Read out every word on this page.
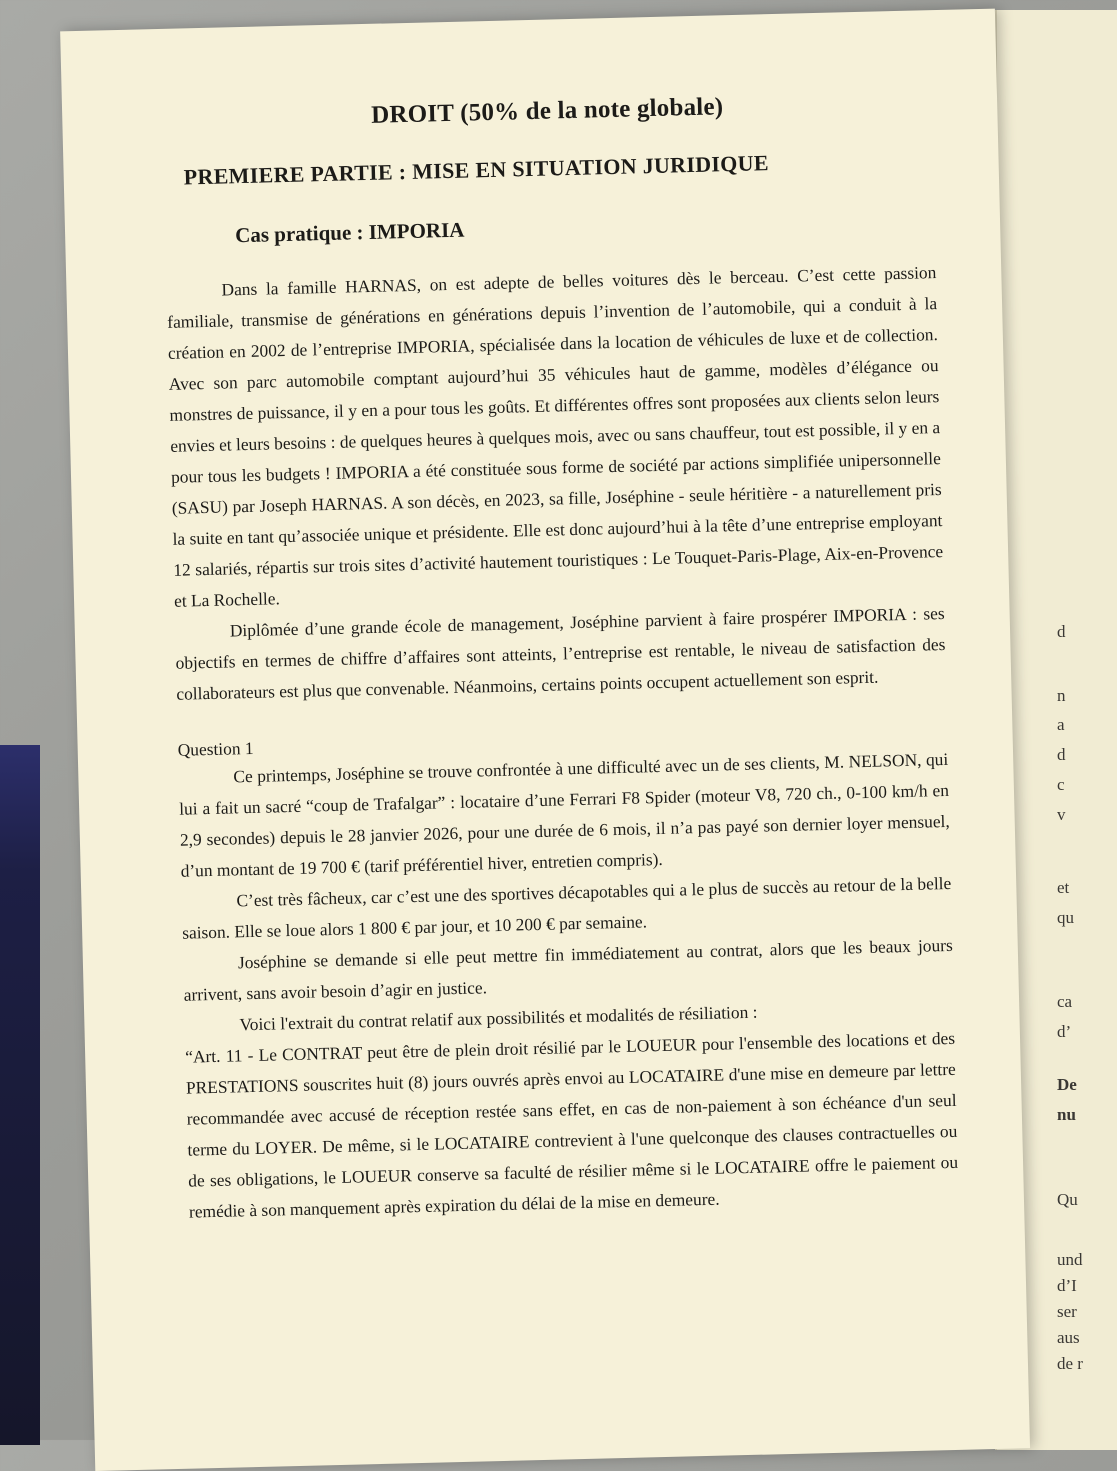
d
n
a
d
c
v
et
qu
ca
d’
De
nu
Qu
und
d’I
ser
aus
de r
DROIT (50% de la note globale)
PREMIERE PARTIE : MISE EN SITUATION JURIDIQUE
Cas pratique : IMPORIA

Dans la famille HARNAS, on est adepte de belles voitures dès le berceau. C’est cette passion familiale, transmise de générations en générations depuis l’invention de l’automobile, qui a conduit à la création en 2002 de l’entreprise IMPORIA, spécialisée dans la location de véhicules de luxe et de collection. Avec son parc automobile comptant aujourd’hui 35 véhicules haut de gamme, modèles d’élégance ou monstres de puissance, il y en a pour tous les goûts. Et différentes offres sont proposées aux clients selon leurs envies et leurs besoins : de quelques heures à quelques mois, avec ou sans chauffeur, tout est possible, il y en a pour tous les budgets ! IMPORIA a été constituée sous forme de société par actions simplifiée unipersonnelle (SASU) par Joseph HARNAS. A son décès, en 2023, sa fille, Joséphine - seule héritière - a naturellement pris la suite en tant qu’associée unique et présidente. Elle est donc aujourd’hui à la tête d’une entreprise employant 12 salariés, répartis sur trois sites d’activité hautement touristiques : Le Touquet-Paris-Plage, Aix-en-Provence et La Rochelle.

Diplômée d’une grande école de management, Joséphine parvient à faire prospérer IMPORIA : ses objectifs en termes de chiffre d’affaires sont atteints, l’entreprise est rentable, le niveau de satisfaction des collaborateurs est plus que convenable. Néanmoins, certains points occupent actuellement son esprit.

Question 1

Ce printemps, Joséphine se trouve confrontée à une difficulté avec un de ses clients, M. NELSON, qui lui a fait un sacré “coup de Trafalgar” : locataire d’une Ferrari F8 Spider (moteur V8, 720 ch., 0-100 km/h en 2,9 secondes) depuis le 28 janvier 2026, pour une durée de 6 mois, il n’a pas payé son dernier loyer mensuel, d’un montant de 19 700 € (tarif préférentiel hiver, entretien compris).

C’est très fâcheux, car c’est une des sportives décapotables qui a le plus de succès au retour de la belle saison. Elle se loue alors 1 800 € par jour, et 10 200 € par semaine.

Joséphine se demande si elle peut mettre fin immédiatement au contrat, alors que les beaux jours arrivent, sans avoir besoin d’agir en justice.

Voici l'extrait du contrat relatif aux possibilités et modalités de résiliation :

“Art. 11 - Le CONTRAT peut être de plein droit résilié par le LOUEUR pour l'ensemble des locations et des PRESTATIONS souscrites huit (8) jours ouvrés après envoi au LOCATAIRE d'une mise en demeure par lettre recommandée avec accusé de réception restée sans effet, en cas de non-paiement à son échéance d'un seul terme du LOYER. De même, si le LOCATAIRE contrevient à l'une quelconque des clauses contractuelles ou de ses obligations, le LOUEUR conserve sa faculté de résilier même si le LOCATAIRE offre le paiement ou remédie à son manquement après expiration du délai de la mise en demeure.
